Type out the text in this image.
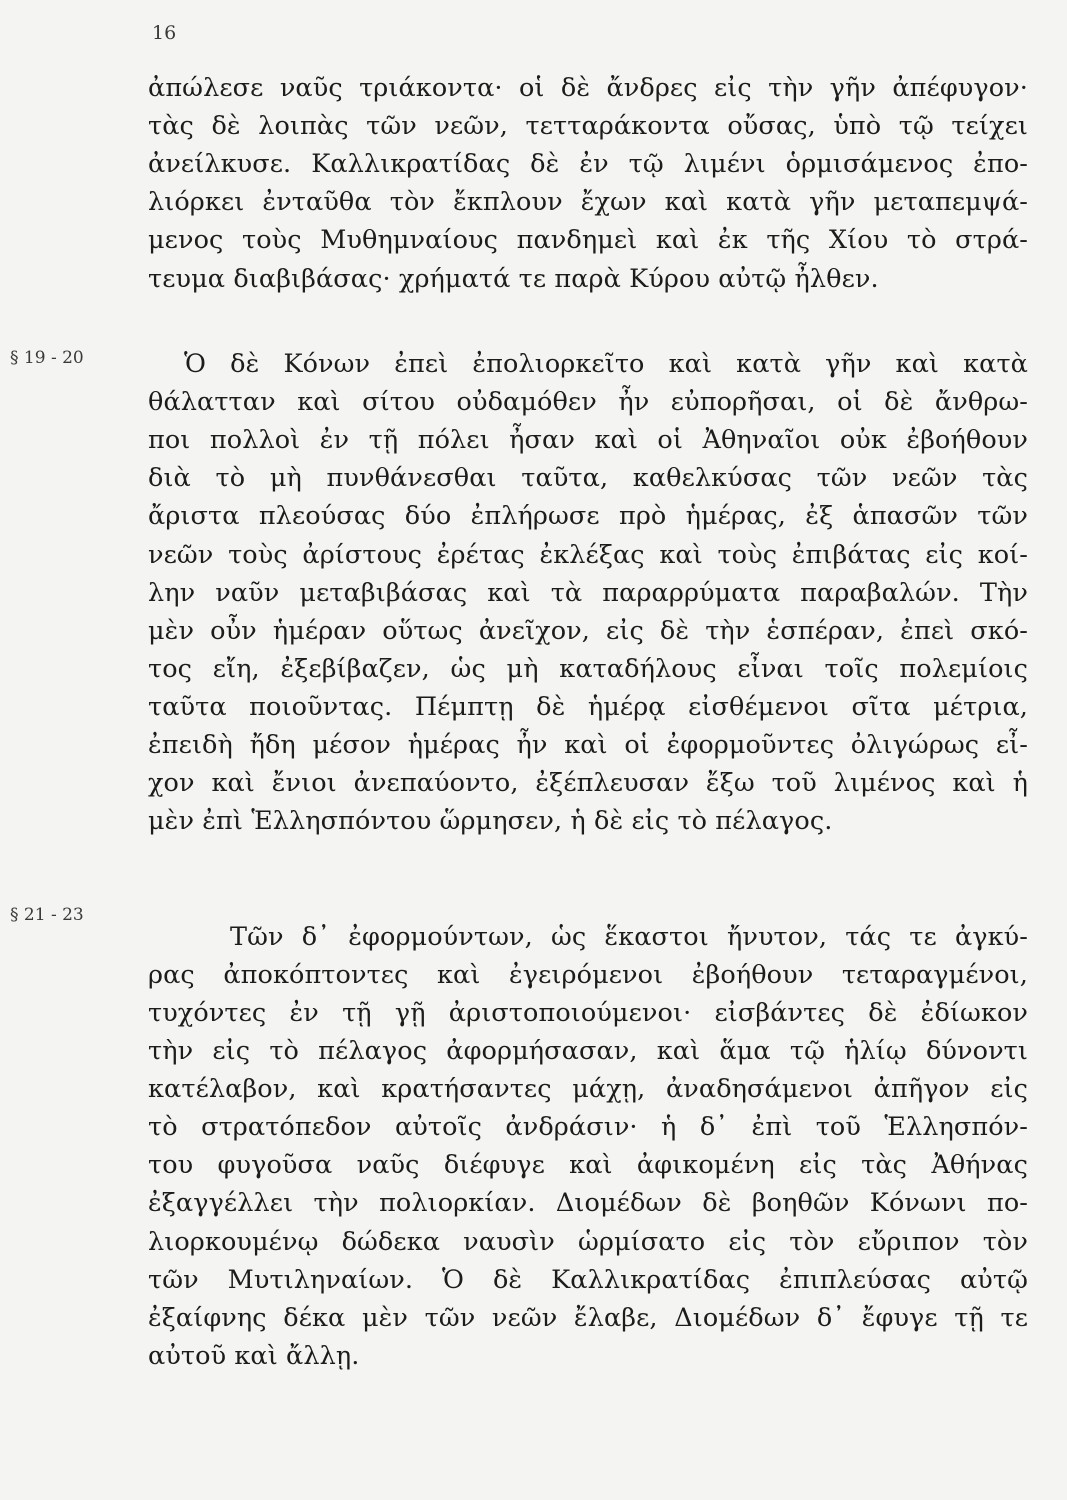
16
§ 19 - 20
§ 21 - 23
ἀπώλεσε ναῦς τριάκοντα· οἱ δὲ ἄνδρες εἰς τὴν γῆν ἀπέφυγον·
τὰς δὲ λοιπὰς τῶν νεῶν, τετταράκοντα οὔσας, ὑπὸ τῷ τείχει
ἀνείλκυσε. Καλλικρατίδας δὲ ἐν τῷ λιμένι ὁρμισάμενος ἐπο-
λιόρκει ἐνταῦθα τὸν ἔκπλουν ἔχων καὶ κατὰ γῆν μεταπεμψά-
μενος τοὺς Μυθημναίους πανδημεὶ καὶ ἐκ τῆς Χίου τὸ στρά-
τευμα διαβιβάσας· χρήματά τε παρὰ Κύρου αὐτῷ ἦλθεν.
Ὁ δὲ Κόνων ἐπεὶ ἐπολιορκεῖτο καὶ κατὰ γῆν καὶ κατὰ
θάλατταν καὶ σίτου οὐδαμόθεν ἦν εὐπορῆσαι, οἱ δὲ ἄνθρω-
ποι πολλοὶ ἐν τῇ πόλει ἦσαν καὶ οἱ Ἀθηναῖοι οὐκ ἐβοήθουν
διὰ τὸ μὴ πυνθάνεσθαι ταῦτα, καθελκύσας τῶν νεῶν τὰς
ἄριστα πλεούσας δύο ἐπλήρωσε πρὸ ἡμέρας, ἐξ ἁπασῶν τῶν
νεῶν τοὺς ἀρίστους ἐρέτας ἐκλέξας καὶ τοὺς ἐπιβάτας εἰς κοί-
λην ναῦν μεταβιβάσας καὶ τὰ παραρρύματα παραβαλών. Τὴν
μὲν οὖν ἡμέραν οὕτως ἀνεῖχον, εἰς δὲ τὴν ἑσπέραν, ἐπεὶ σκό-
τος εἴη, ἐξεβίβαζεν, ὡς μὴ καταδήλους εἶναι τοῖς πολεμίοις
ταῦτα ποιοῦντας. Πέμπτῃ δὲ ἡμέρᾳ εἰσθέμενοι σῖτα μέτρια,
ἐπειδὴ ἤδη μέσον ἡμέρας ἦν καὶ οἱ ἐφορμοῦντες ὀλιγώρως εἶ-
χον καὶ ἔνιοι ἀνεπαύοντο, ἐξέπλευσαν ἔξω τοῦ λιμένος καὶ ἡ
μὲν ἐπὶ Ἑλλησπόντου ὥρμησεν, ἡ δὲ εἰς τὸ πέλαγος.
Τῶν δ᾽ ἐφορμούντων, ὡς ἕκαστοι ἤνυτον, τάς τε ἀγκύ-
ρας ἀποκόπτοντες καὶ ἐγειρόμενοι ἐβοήθουν τεταραγμένοι,
τυχόντες ἐν τῇ γῇ ἀριστοποιούμενοι· εἰσβάντες δὲ ἐδίωκον
τὴν εἰς τὸ πέλαγος ἀφορμήσασαν, καὶ ἅμα τῷ ἡλίῳ δύνοντι
κατέλαβον, καὶ κρατήσαντες μάχῃ, ἀναδησάμενοι ἀπῆγον εἰς
τὸ στρατόπεδον αὐτοῖς ἀνδράσιν· ἡ δ᾽ ἐπὶ τοῦ Ἑλλησπόν-
του φυγοῦσα ναῦς διέφυγε καὶ ἀφικομένη εἰς τὰς Ἀθήνας
ἐξαγγέλλει τὴν πολιορκίαν. Διομέδων δὲ βοηθῶν Κόνωνι πο-
λιορκουμένῳ δώδεκα ναυσὶν ὡρμίσατο εἰς τὸν εὔριπον τὸν
τῶν Μυτιληναίων. Ὁ δὲ Καλλικρατίδας ἐπιπλεύσας αὐτῷ
ἐξαίφνης δέκα μὲν τῶν νεῶν ἔλαβε, Διομέδων δ᾽ ἔφυγε τῇ τε
αὐτοῦ καὶ ἄλλῃ.
